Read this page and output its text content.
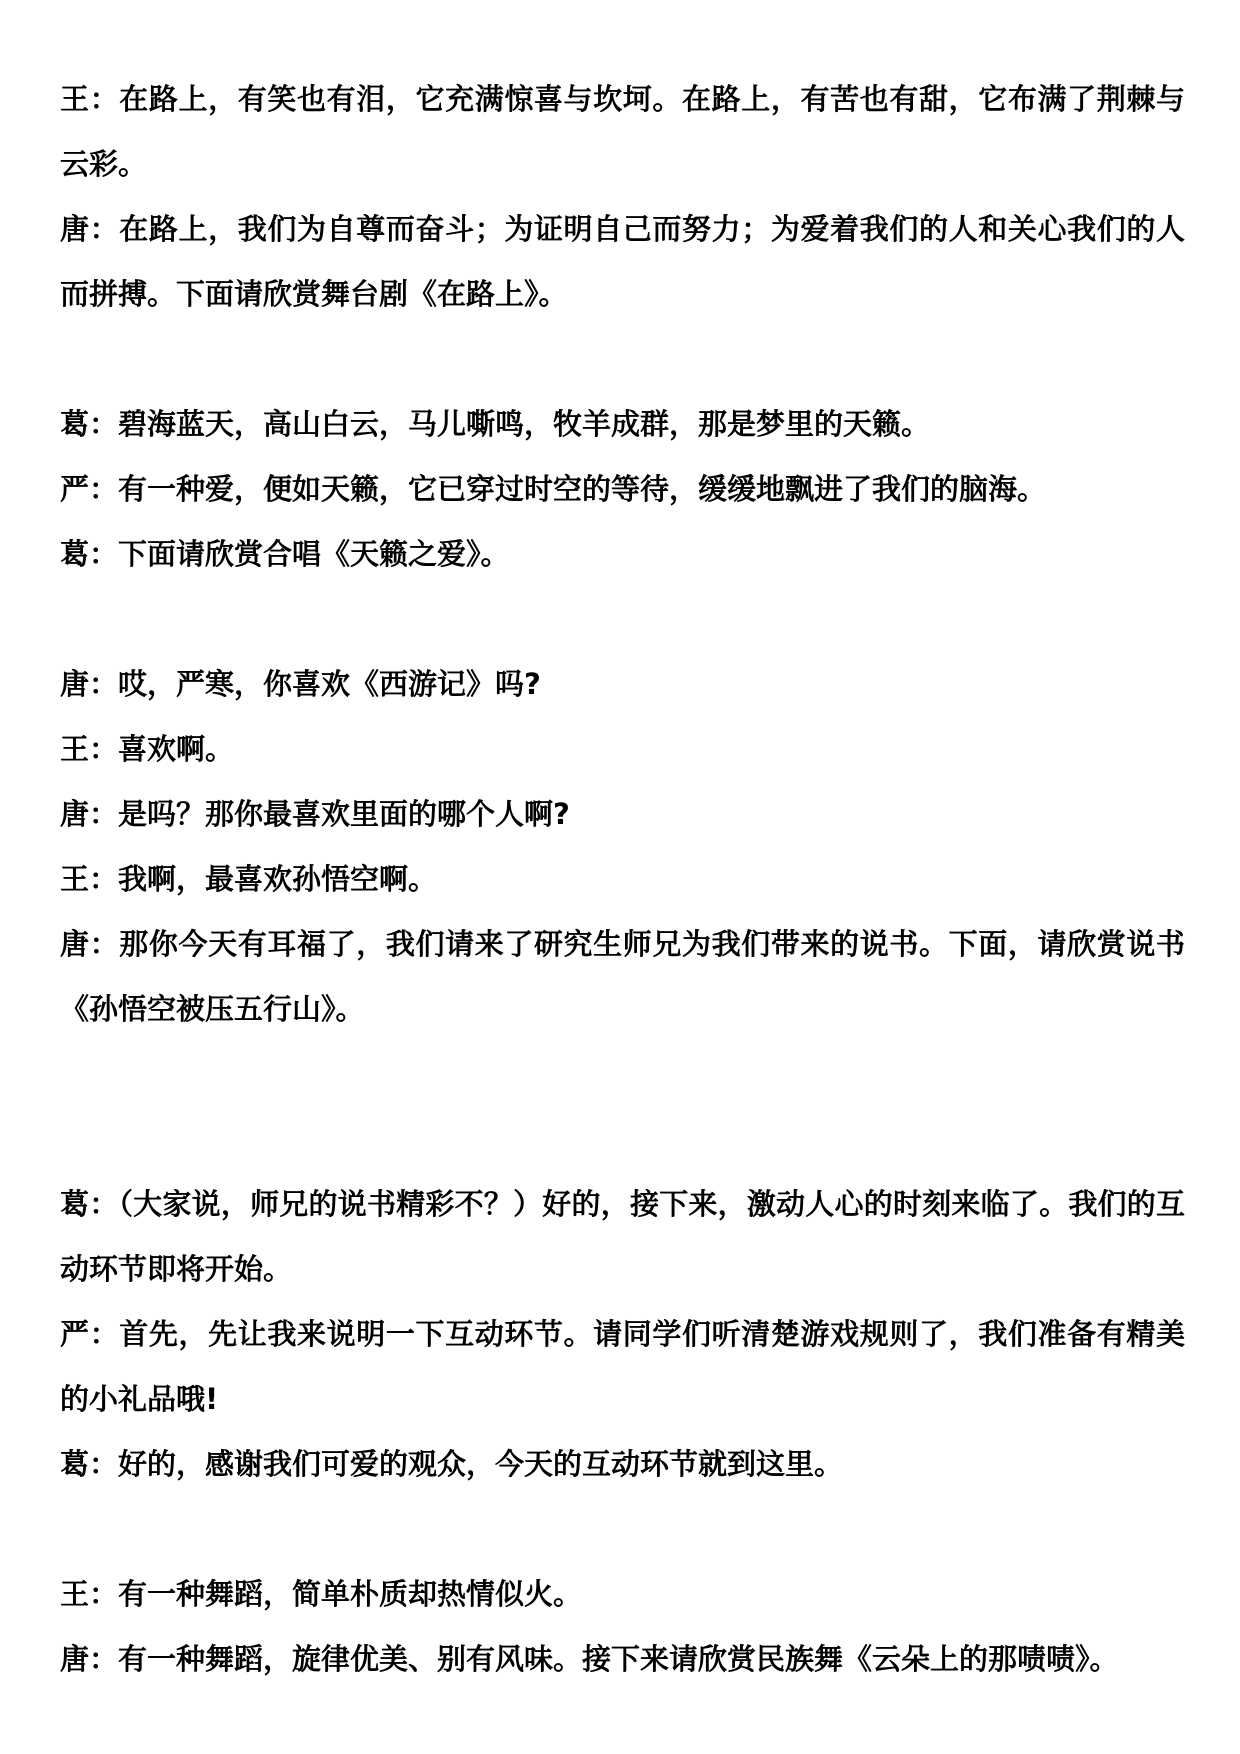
王：在路上，有笑也有泪，它充满惊喜与坎坷。在路上，有苦也有甜，它布满了荆棘与云彩。

唐：在路上，我们为自尊而奋斗；为证明自己而努力；为爱着我们的人和关心我们的人而拼搏。下面请欣赏舞台剧《在路上》。

葛：碧海蓝天，高山白云，马儿嘶鸣，牧羊成群，那是梦里的天籁。

严：有一种爱，便如天籁，它已穿过时空的等待，缓缓地飘进了我们的脑海。

葛：下面请欣赏合唱《天籁之爱》。

唐：哎，严寒，你喜欢《西游记》吗?

王：喜欢啊。

唐：是吗？那你最喜欢里面的哪个人啊?

王：我啊，最喜欢孙悟空啊。

唐：那你今天有耳福了，我们请来了研究生师兄为我们带来的说书。下面，请欣赏说书《孙悟空被压五行山》。

葛：（大家说，师兄的说书精彩不？）好的，接下来，激动人心的时刻来临了。我们的互动环节即将开始。

严：首先，先让我来说明一下互动环节。请同学们听清楚游戏规则了，我们准备有精美的小礼品哦!

葛：好的，感谢我们可爱的观众，今天的互动环节就到这里。

王：有一种舞蹈，简单朴质却热情似火。

唐：有一种舞蹈，旋律优美、别有风味。接下来请欣赏民族舞《云朵上的那啧啧》。
